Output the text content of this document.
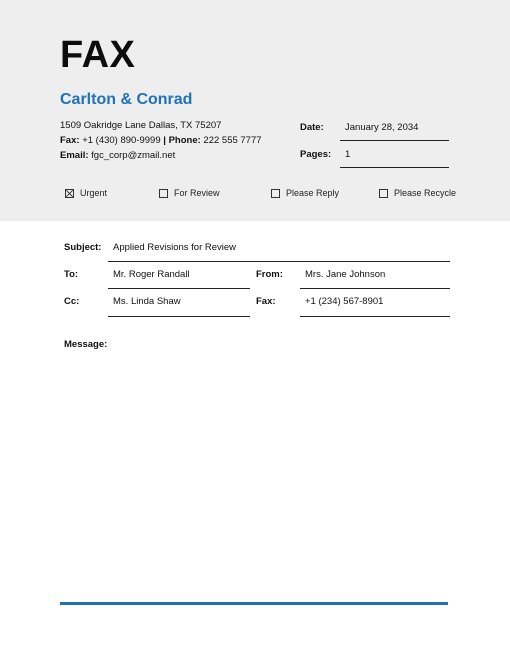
FAX
Carlton & Conrad
1509 Oakridge Lane Dallas, TX 75207
Fax: +1 (430) 890-9999 | Phone: 222 555 7777
Email: fgc_corp@zmail.net
Date: January 28, 2034
Pages: 1
Urgent	For Review	Please Reply	Please Recycle
Subject: Applied Revisions for Review
To:	Mr. Roger Randall	From: Mrs. Jane Johnson
Cc:	Ms. Linda Shaw	Fax:	+1 (234) 567-8901
Message:
